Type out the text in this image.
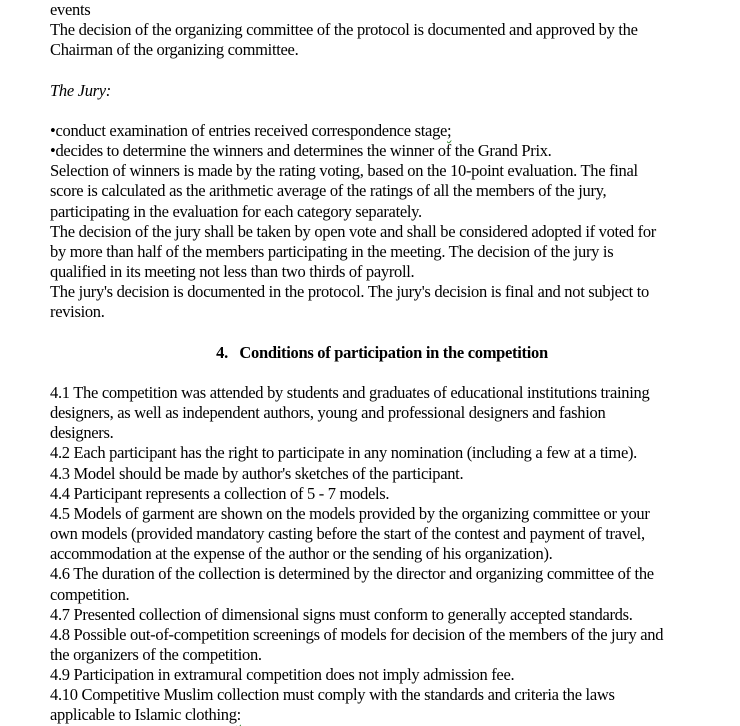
events
The decision of the organizing committee of the protocol is documented and approved by the
Chairman of the organizing committee.

The Jury:

•conduct examination of entries received correspondence stage;
•decides to determine the winners and determines the winner of the Grand Prix.
Selection of winners is made by the rating voting, based on the 10-point evaluation. The final
score is calculated as the arithmetic average of the ratings of all the members of the jury,
participating in the evaluation for each category separately.
The decision of the jury shall be taken by open vote and shall be considered adopted if voted for
by more than half of the members participating in the meeting. The decision of the jury is
qualified in its meeting not less than two thirds of payroll.
The jury's decision is documented in the protocol. The jury's decision is final and not subject to
revision.

4.   Conditions of participation in the competition

4.1 The competition was attended by students and graduates of educational institutions training
designers, as well as independent authors, young and professional designers and fashion
designers.
4.2 Each participant has the right to participate in any nomination (including a few at a time).
4.3 Model should be made by author's sketches of the participant.
4.4 Participant represents a collection of 5 - 7 models.
4.5 Models of garment are shown on the models provided by the organizing committee or your
own models (provided mandatory casting before the start of the contest and payment of travel,
accommodation at the expense of the author or the sending of his organization).
4.6 The duration of the collection is determined by the director and organizing committee of the
competition.
4.7 Presented collection of dimensional signs must conform to generally accepted standards.
4.8 Possible out-of-competition screenings of models for decision of the members of the jury and
the organizers of the competition.
4.9 Participation in extramural competition does not imply admission fee.
4.10 Competitive Muslim collection must comply with the standards and criteria the laws
applicable to Islamic clothing:
